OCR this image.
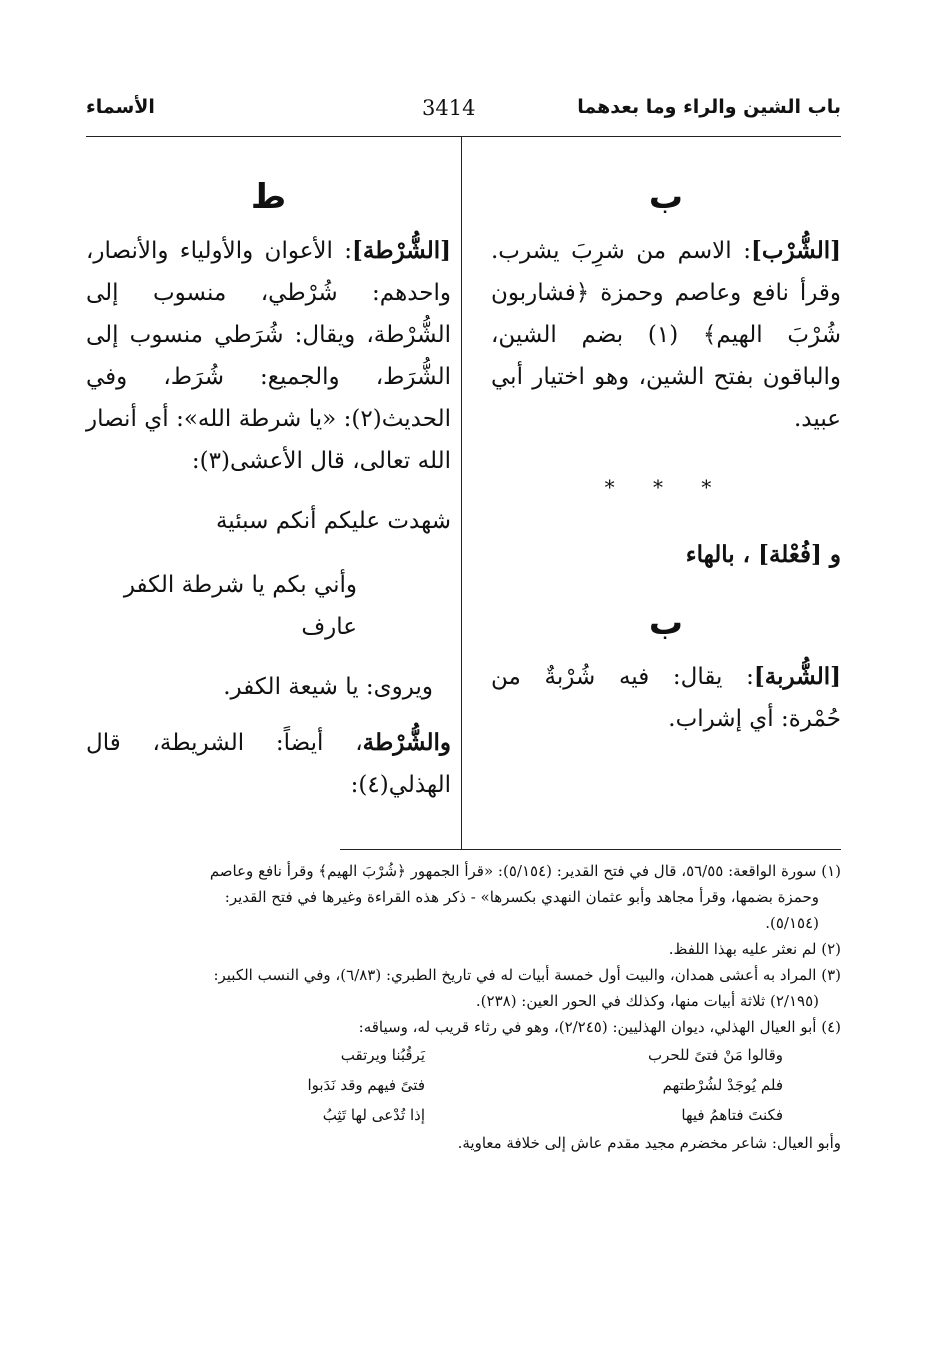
باب الشين والراء وما بعدهما
3414
الأسماء
ب

[الشُّرْب]: الاسم من شرِبَ يشرب. وقرأ نافع وعاصم وحمزة ﴿فشاربون شُرْبَ الهيم﴾ (١) بضم الشين، والباقون بفتح الشين، وهو اختيار أبي عبيد.

* * *
و [فُعْلة] ، بالهاء
ب

[الشُّربة]: يقال: فيه شُرْبةٌ من حُمْرة: أي إشراب.

ط

[الشُّرْطة]: الأعوان والأولياء والأنصار، واحدهم: شُرْطي، منسوب إلى الشُّرْطة، ويقال: شُرَطي منسوب إلى الشُّرَط، والجميع: شُرَط، وفي الحديث(٢): «يا شرطة الله»: أي أنصار الله تعالى، قال الأعشى(٣):

شهدت عليكم أنكم سبئية
وأني بكم يا شرطة الكفر عارف
ويروى: يا شيعة الكفر.

والشُّرْطة، أيضاً: الشريطة، قال الهذلي(٤):

(١) سورة الواقعة: ٥٦/٥٥، قال في فتح القدير: (٥/١٥٤): «قرأ الجمهور ﴿شُرْبَ الهيم﴾ وقرأ نافع وعاصم

وحمزة بضمها، وقرأ مجاهد وأبو عثمان النهدي بكسرها» - ذكر هذه القراءة وغيرها في فتح القدير:

(٥/١٥٤).

(٢) لم نعثر عليه بهذا اللفظ.

(٣) المراد به أعشى همدان، والبيت أول خمسة أبيات له في تاريخ الطبري: (٦/٨٣)، وفي النسب الكبير:

(٢/١٩٥) ثلاثة أبيات منها، وكذلك في الحور العين: (٢٣٨).

(٤) أبو العيال الهذلي، ديوان الهذليين: (٢/٢٤٥)، وهو في رثاء قريب له، وسياقه:

وقالوا مَنْ فتىً للحرب
يَرقُبُنا ويرتقب
فلم يُوجَدْ لشُرْطتهم
فتىً فيهم وقد نَدَبوا
فكنتَ فتاهمُ فيها
إذا تُدْعى لها تَثِبُ

وأبو العيال: شاعر مخضرم مجيد مقدم عاش إلى خلافة معاوية.
